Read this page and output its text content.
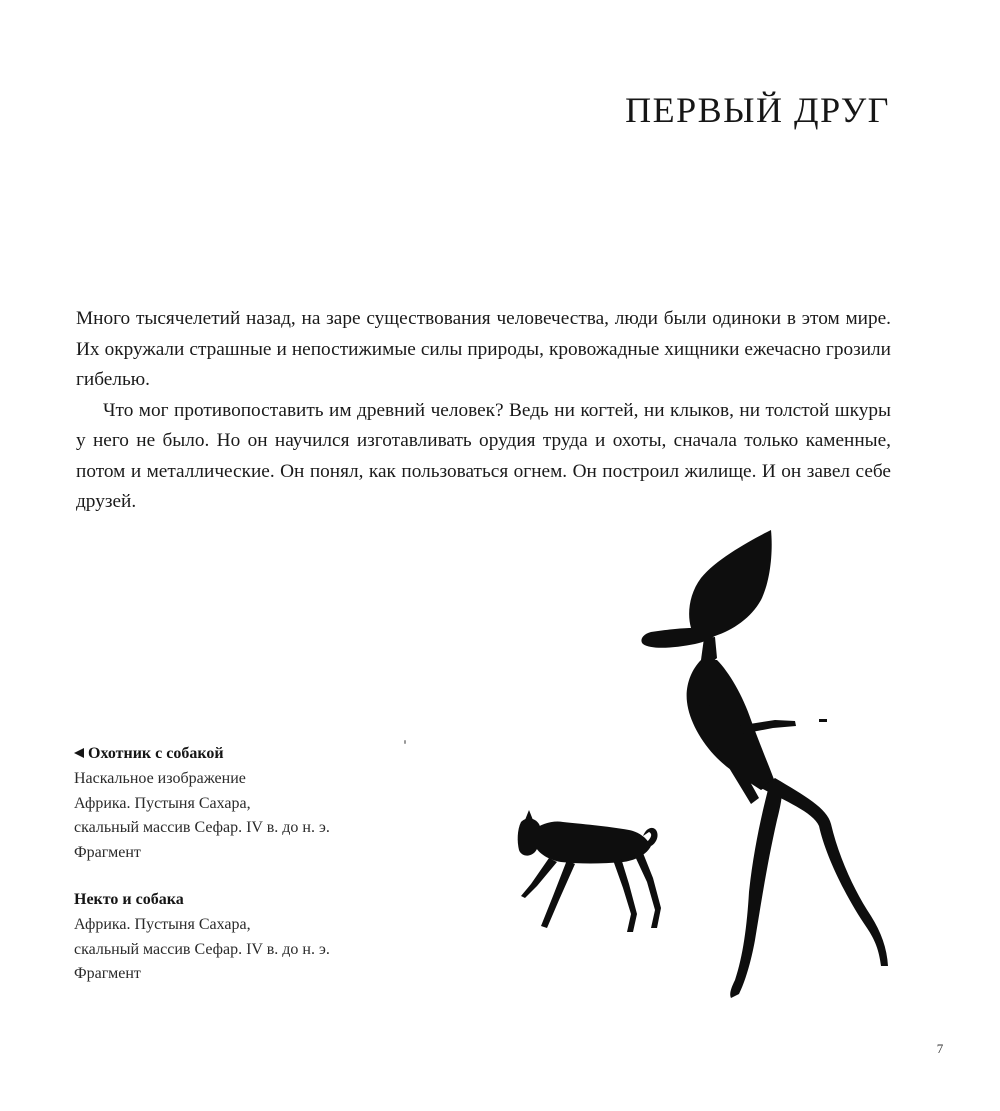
ПЕРВЫЙ ДРУГ

Много тысячелетий назад, на заре существования человечества, люди были одиноки в этом мире. Их окружали страшные и непостижимые силы природы, кровожадные хищники ежечасно грозили гибелью.

Что мог противопоставить им древний человек? Ведь ни когтей, ни клыков, ни толстой шкуры у него не было. Но он научился изготавливать орудия труда и охоты, сначала только каменные, потом и металлические. Он понял, как пользоваться огнем. Он построил жилище. И он завел себе друзей.

Охотник с собакой
Наскальное изображение
Африка. Пустыня Сахара,
скальный массив Сефар. IV в. до н. э.
Фрагмент
Некто и собака
Африка. Пустыня Сахара,
скальный массив Сефар. IV в. до н. э.
Фрагмент
7
